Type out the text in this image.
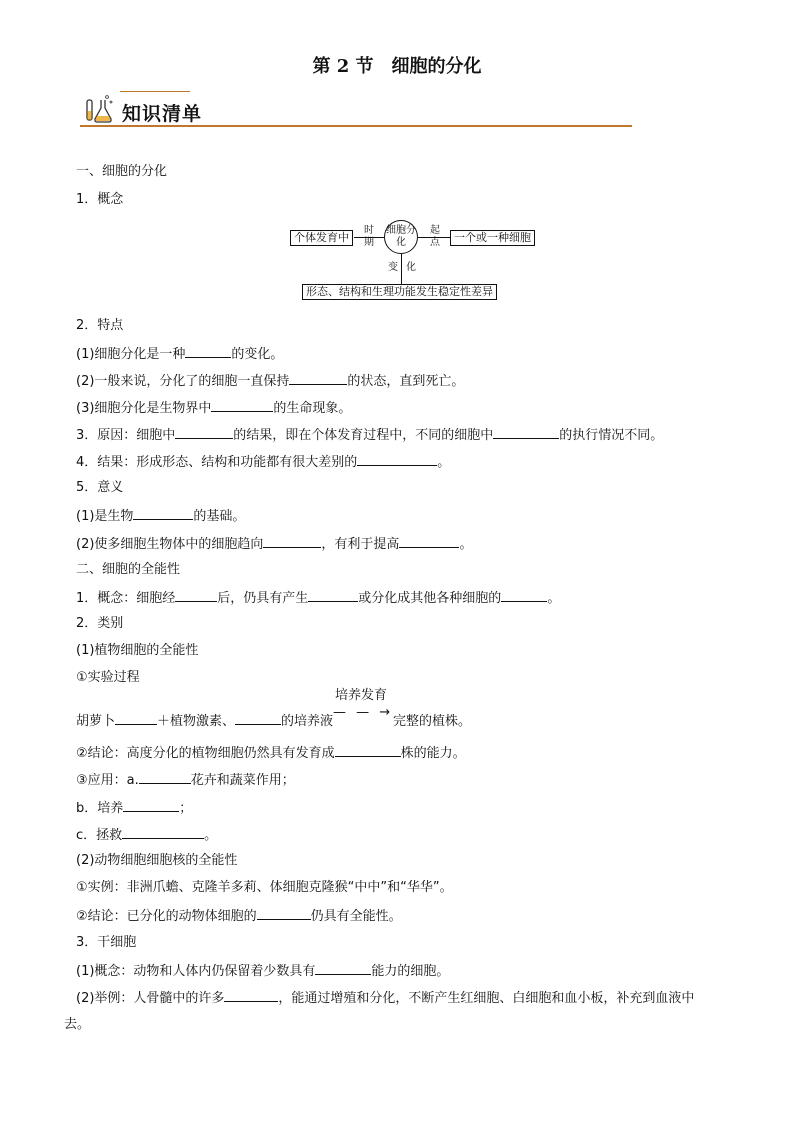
第 2 节 细胞的分化
知识清单
一、细胞的分化
1．概念
个体发育中
时期
细胞分化
起点	一个或一种细胞
变 化
形态、结构和生理功能发生稳定性差异
2．特点
(1)细胞分化是一种	的变化。
(2)一般来说，分化了的细胞一直保持	的状态，直到死亡。
(3)细胞分化是生物界中	的生命现象。
3．原因：细胞中	的结果，即在个体发育过程中，不同的细胞中	的执行情况不同。
4．结果：形成形态、结构和功能都有很大差别的	。
5．意义
(1)是生物	的基础。
(2)使多细胞生物体中的细胞趋向	，有利于提高	。
二、细胞的全能性
1．概念：细胞经	后，仍具有产生	或分化成其他各种细胞的	。
2．类别
(1)植物细胞的全能性
①实验过程
胡萝卜	＋植物激素、	的培养液
培养发育
— — →
完整的植株。
②结论：高度分化的植物细胞仍然具有发育成	株的能力。
③应用：a.	花卉和蔬菜作用；
b．培养	；
c．拯救	。
(2)动物细胞细胞核的全能性
①实例：非洲爪蟾、克隆羊多莉、体细胞克隆猴“中中”和“华华”。
②结论：已分化的动物体细胞的	仍具有全能性。
3．干细胞
(1)概念：动物和人体内仍保留着少数具有	能力的细胞。
(2)举例：人骨髓中的许多	，能通过增殖和分化，不断产生红细胞、白细胞和血小板，补充到血液中
去。
